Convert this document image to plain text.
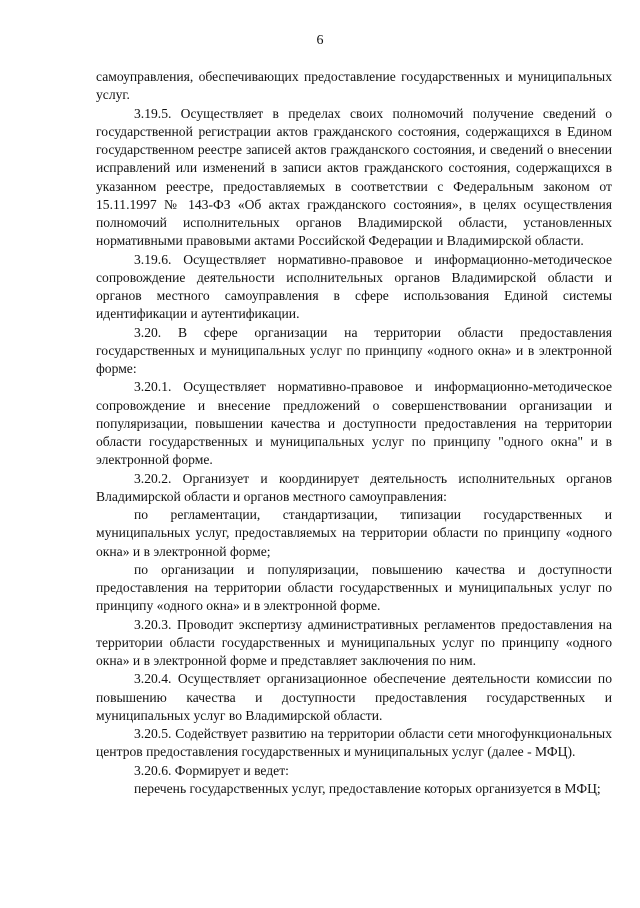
6

самоуправления, обеспечивающих предоставление государственных и муниципальных услуг.

3.19.5. Осуществляет в пределах своих полномочий получение сведений о государственной регистрации актов гражданского состояния, содержащихся в Едином государственном реестре записей актов гражданского состояния, и сведений о внесении исправлений или изменений в записи актов гражданского состояния, содержащихся в указанном реестре, предоставляемых в соответствии с Федеральным законом от 15.11.1997 № 143-ФЗ «Об актах гражданского состояния», в целях осуществления полномочий исполнительных органов Владимирской области, установленных нормативными правовыми актами Российской Федерации и Владимирской области.

3.19.6. Осуществляет нормативно-правовое и информационно-методическое сопровождение деятельности исполнительных органов Владимирской области и органов местного самоуправления в сфере использования Единой системы идентификации и аутентификации.

3.20. В сфере организации на территории области предоставления государственных и муниципальных услуг по принципу «одного окна» и в электронной форме:

3.20.1. Осуществляет нормативно-правовое и информационно-методическое сопровождение и внесение предложений о совершенствовании организации и популяризации, повышении качества и доступности предоставления на территории области государственных и муниципальных услуг по принципу "одного окна" и в электронной форме.

3.20.2. Организует и координирует деятельность исполнительных органов Владимирской области и органов местного самоуправления:

по регламентации, стандартизации, типизации государственных и муниципальных услуг, предоставляемых на территории области по принципу «одного окна» и в электронной форме;

по организации и популяризации, повышению качества и доступности предоставления на территории области государственных и муниципальных услуг по принципу «одного окна» и в электронной форме.

3.20.3. Проводит экспертизу административных регламентов предоставления на территории области государственных и муниципальных услуг по принципу «одного окна» и в электронной форме и представляет заключения по ним.

3.20.4. Осуществляет организационное обеспечение деятельности комиссии по повышению качества и доступности предоставления государственных и муниципальных услуг во Владимирской области.

3.20.5. Содействует развитию на территории области сети многофункциональных центров предоставления государственных и муниципальных услуг (далее - МФЦ).

3.20.6. Формирует и ведет:

перечень государственных услуг, предоставление которых организуется в МФЦ;
